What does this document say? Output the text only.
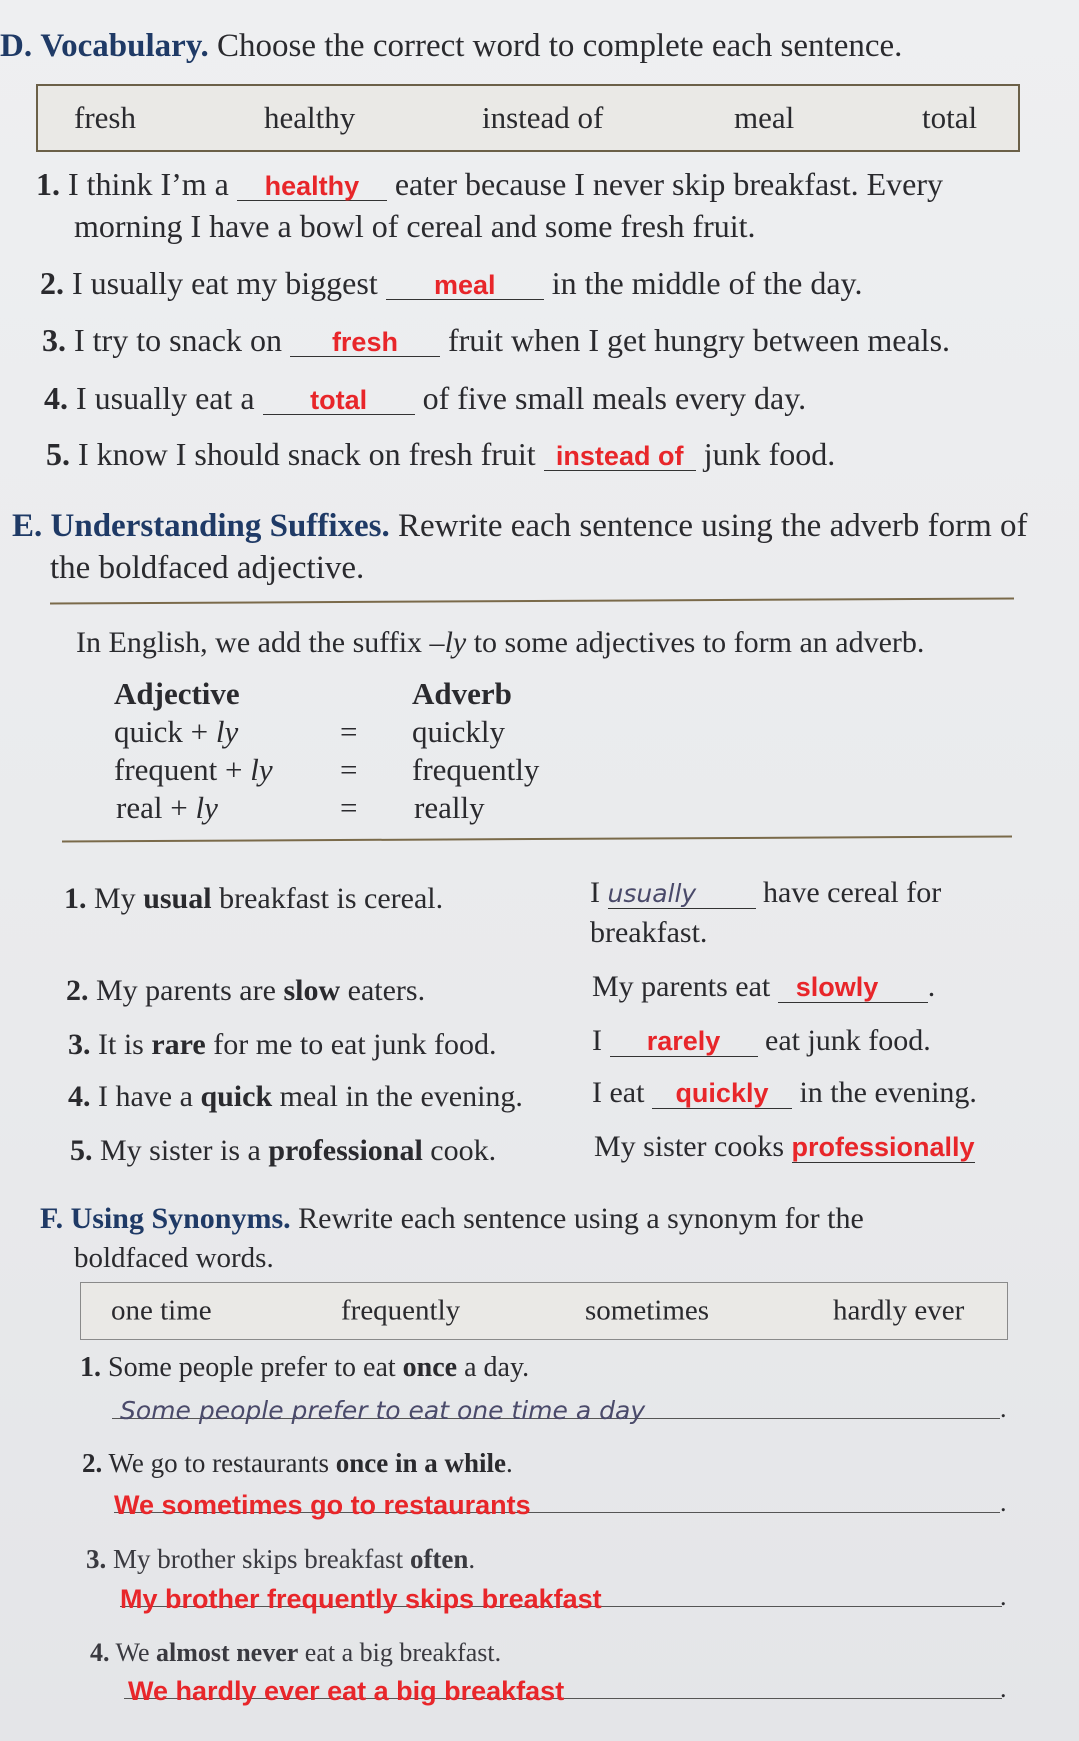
D. Vocabulary. Choose the correct word to complete each sentence.
fresh	healthy	instead of	meal	total
1. I think I’m a healthy eater because I never skip breakfast. Every
morning I have a bowl of cereal and some fresh fruit.
2. I usually eat my biggest meal in the middle of the day.
3. I try to snack on fresh fruit when I get hungry between meals.
4. I usually eat a total of five small meals every day.
5. I know I should snack on fresh fruit instead of junk food.
E. Understanding Suffixes. Rewrite each sentence using the adverb form of
the boldfaced adjective.
In English, we add the suffix –ly to some adjectives to form an adverb.
Adjective	Adverb
quick + ly	= quickly
frequent + ly = frequently
real + ly	= really
1. My usual breakfast is cereal.	I usually have cereal for
breakfast.
2. My parents are slow eaters.	My parents eat slowly .
3. It is rare for me to eat junk food.	I rarely eat junk food.
4. I have a quick meal in the evening. I eat quickly in the evening.
5. My sister is a professional cook.	My sister cooks professionally
F. Using Synonyms. Rewrite each sentence using a synonym for the
boldfaced words.
one time	frequently	sometimes	hardly ever
1. Some people prefer to eat once a day.
Some people prefer to eat one time a day	.
2. We go to restaurants once in a while.
We sometimes go to restaurants	.
3. My brother skips breakfast often.
My brother frequently skips breakfast	.
4. We almost never eat a big breakfast.
We hardly ever eat a big breakfast	.
